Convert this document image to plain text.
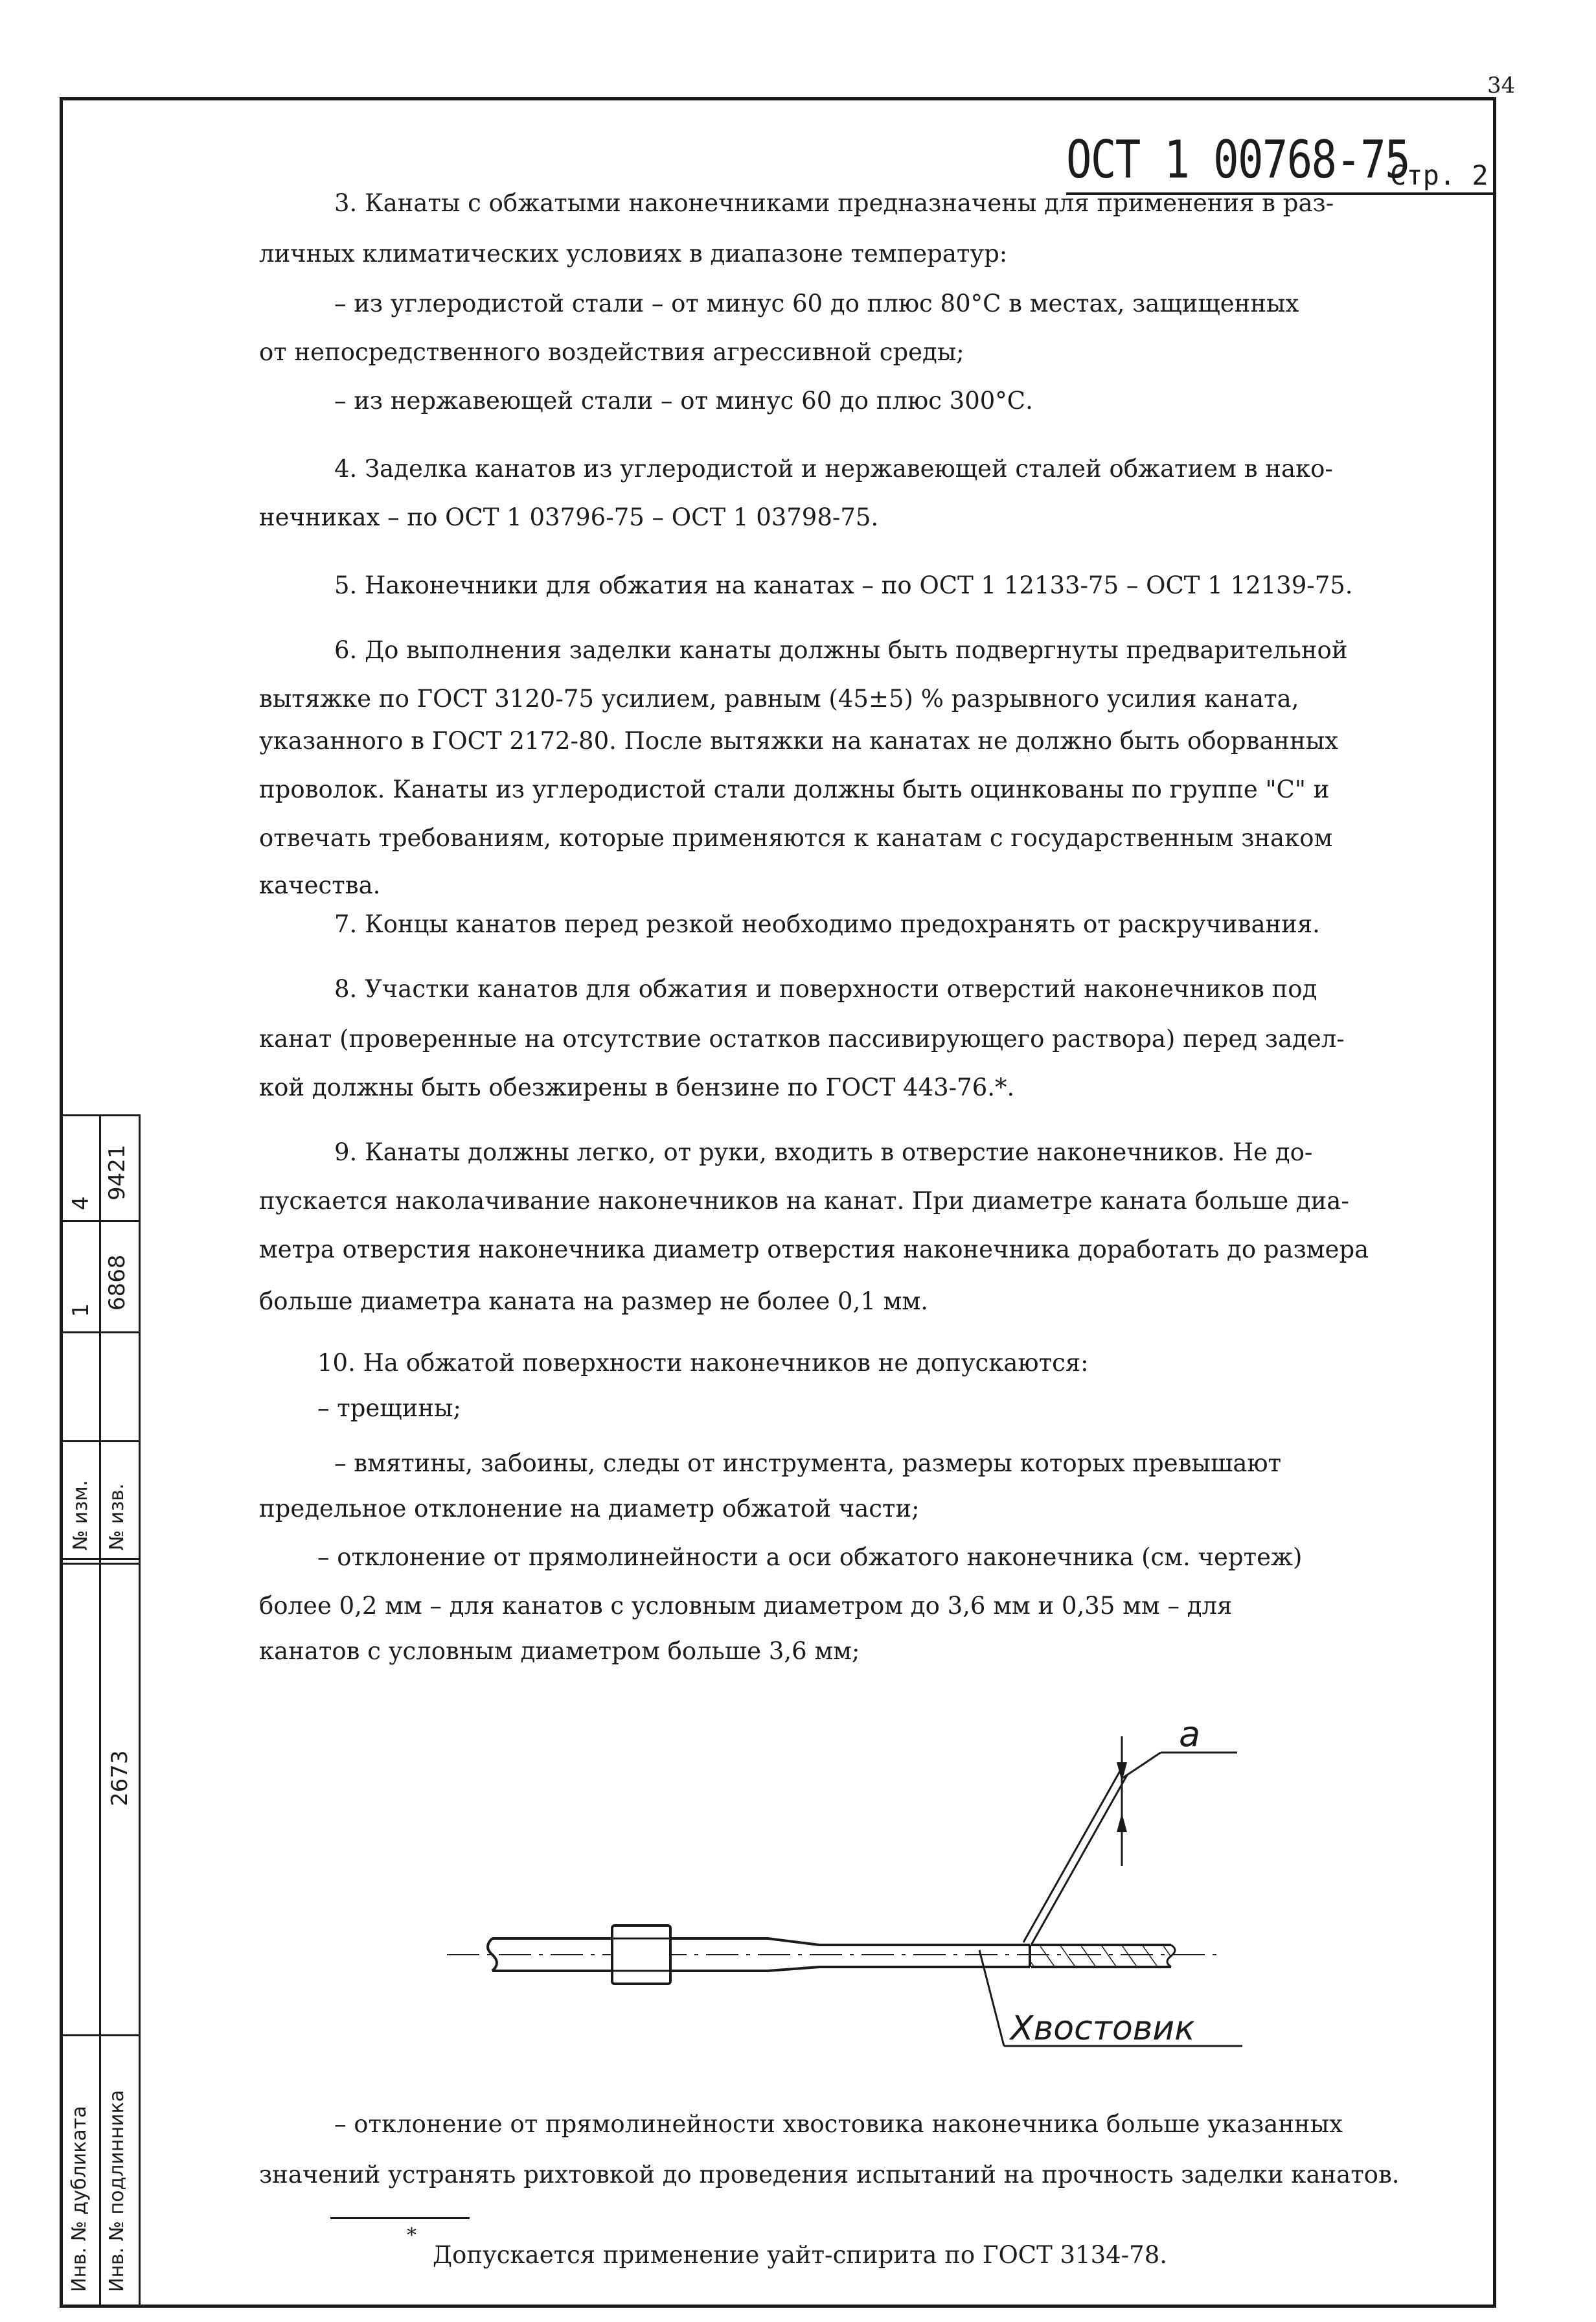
34
ОСТ 1 00768-75
Стр. 2
3. Канаты с обжатыми наконечниками предназначены для применения в раз-
личных климатических условиях в диапазоне температур:
– из углеродистой стали – от минус 60 до плюс 80°С в местах, защищенных
от непосредственного воздействия агрессивной среды;
– из нержавеющей стали – от минус 60 до плюс 300°С.
4. Заделка канатов из углеродистой и нержавеющей сталей обжатием в нако-
нечниках – по ОСТ 1 03796-75 – ОСТ 1 03798-75.
5. Наконечники для обжатия на канатах – по ОСТ 1 12133-75 – ОСТ 1 12139-75.
6. До выполнения заделки канаты должны быть подвергнуты предварительной
вытяжке по ГОСТ 3120-75 усилием, равным (45±5) % разрывного усилия каната,
указанного в ГОСТ 2172-80. После вытяжки на канатах не должно быть оборванных
проволок. Канаты из углеродистой стали должны быть оцинкованы по группе "С" и
отвечать требованиям, которые применяются к канатам с государственным знаком
качества.
7. Концы канатов перед резкой необходимо предохранять от раскручивания.
8. Участки канатов для обжатия и поверхности отверстий наконечников под
канат (проверенные на отсутствие остатков пассивирующего раствора) перед задел-
кой должны быть обезжирены в бензине по ГОСТ 443-76.*.
9. Канаты должны легко, от руки, входить в отверстие наконечников. Не до-
пускается наколачивание наконечников на канат. При диаметре каната больше диа-
метра отверстия наконечника диаметр отверстия наконечника доработать до размера
больше диаметра каната на размер не более 0,1 мм.
10. На обжатой поверхности наконечников не допускаются:
– трещины;
– вмятины, забоины, следы от инструмента, размеры которых превышают
предельное отклонение на диаметр обжатой части;
– отклонение от прямолинейности а оси обжатого наконечника (см. чертеж)
более 0,2 мм – для канатов с условным диаметром до 3,6 мм и 0,35 мм – для
канатов с условным диаметром больше 3,6 мм;
– отклонение от прямолинейности хвостовика наконечника больше указанных
значений устранять рихтовкой до проведения испытаний на прочность заделки канатов.
*
Допускается применение уайт-спирита по ГОСТ 3134-78.
а
Хвостовик
4
9421
1 6868
№ изм. № изв.
2673
Инв. № дубликата Инв. № подлинника
